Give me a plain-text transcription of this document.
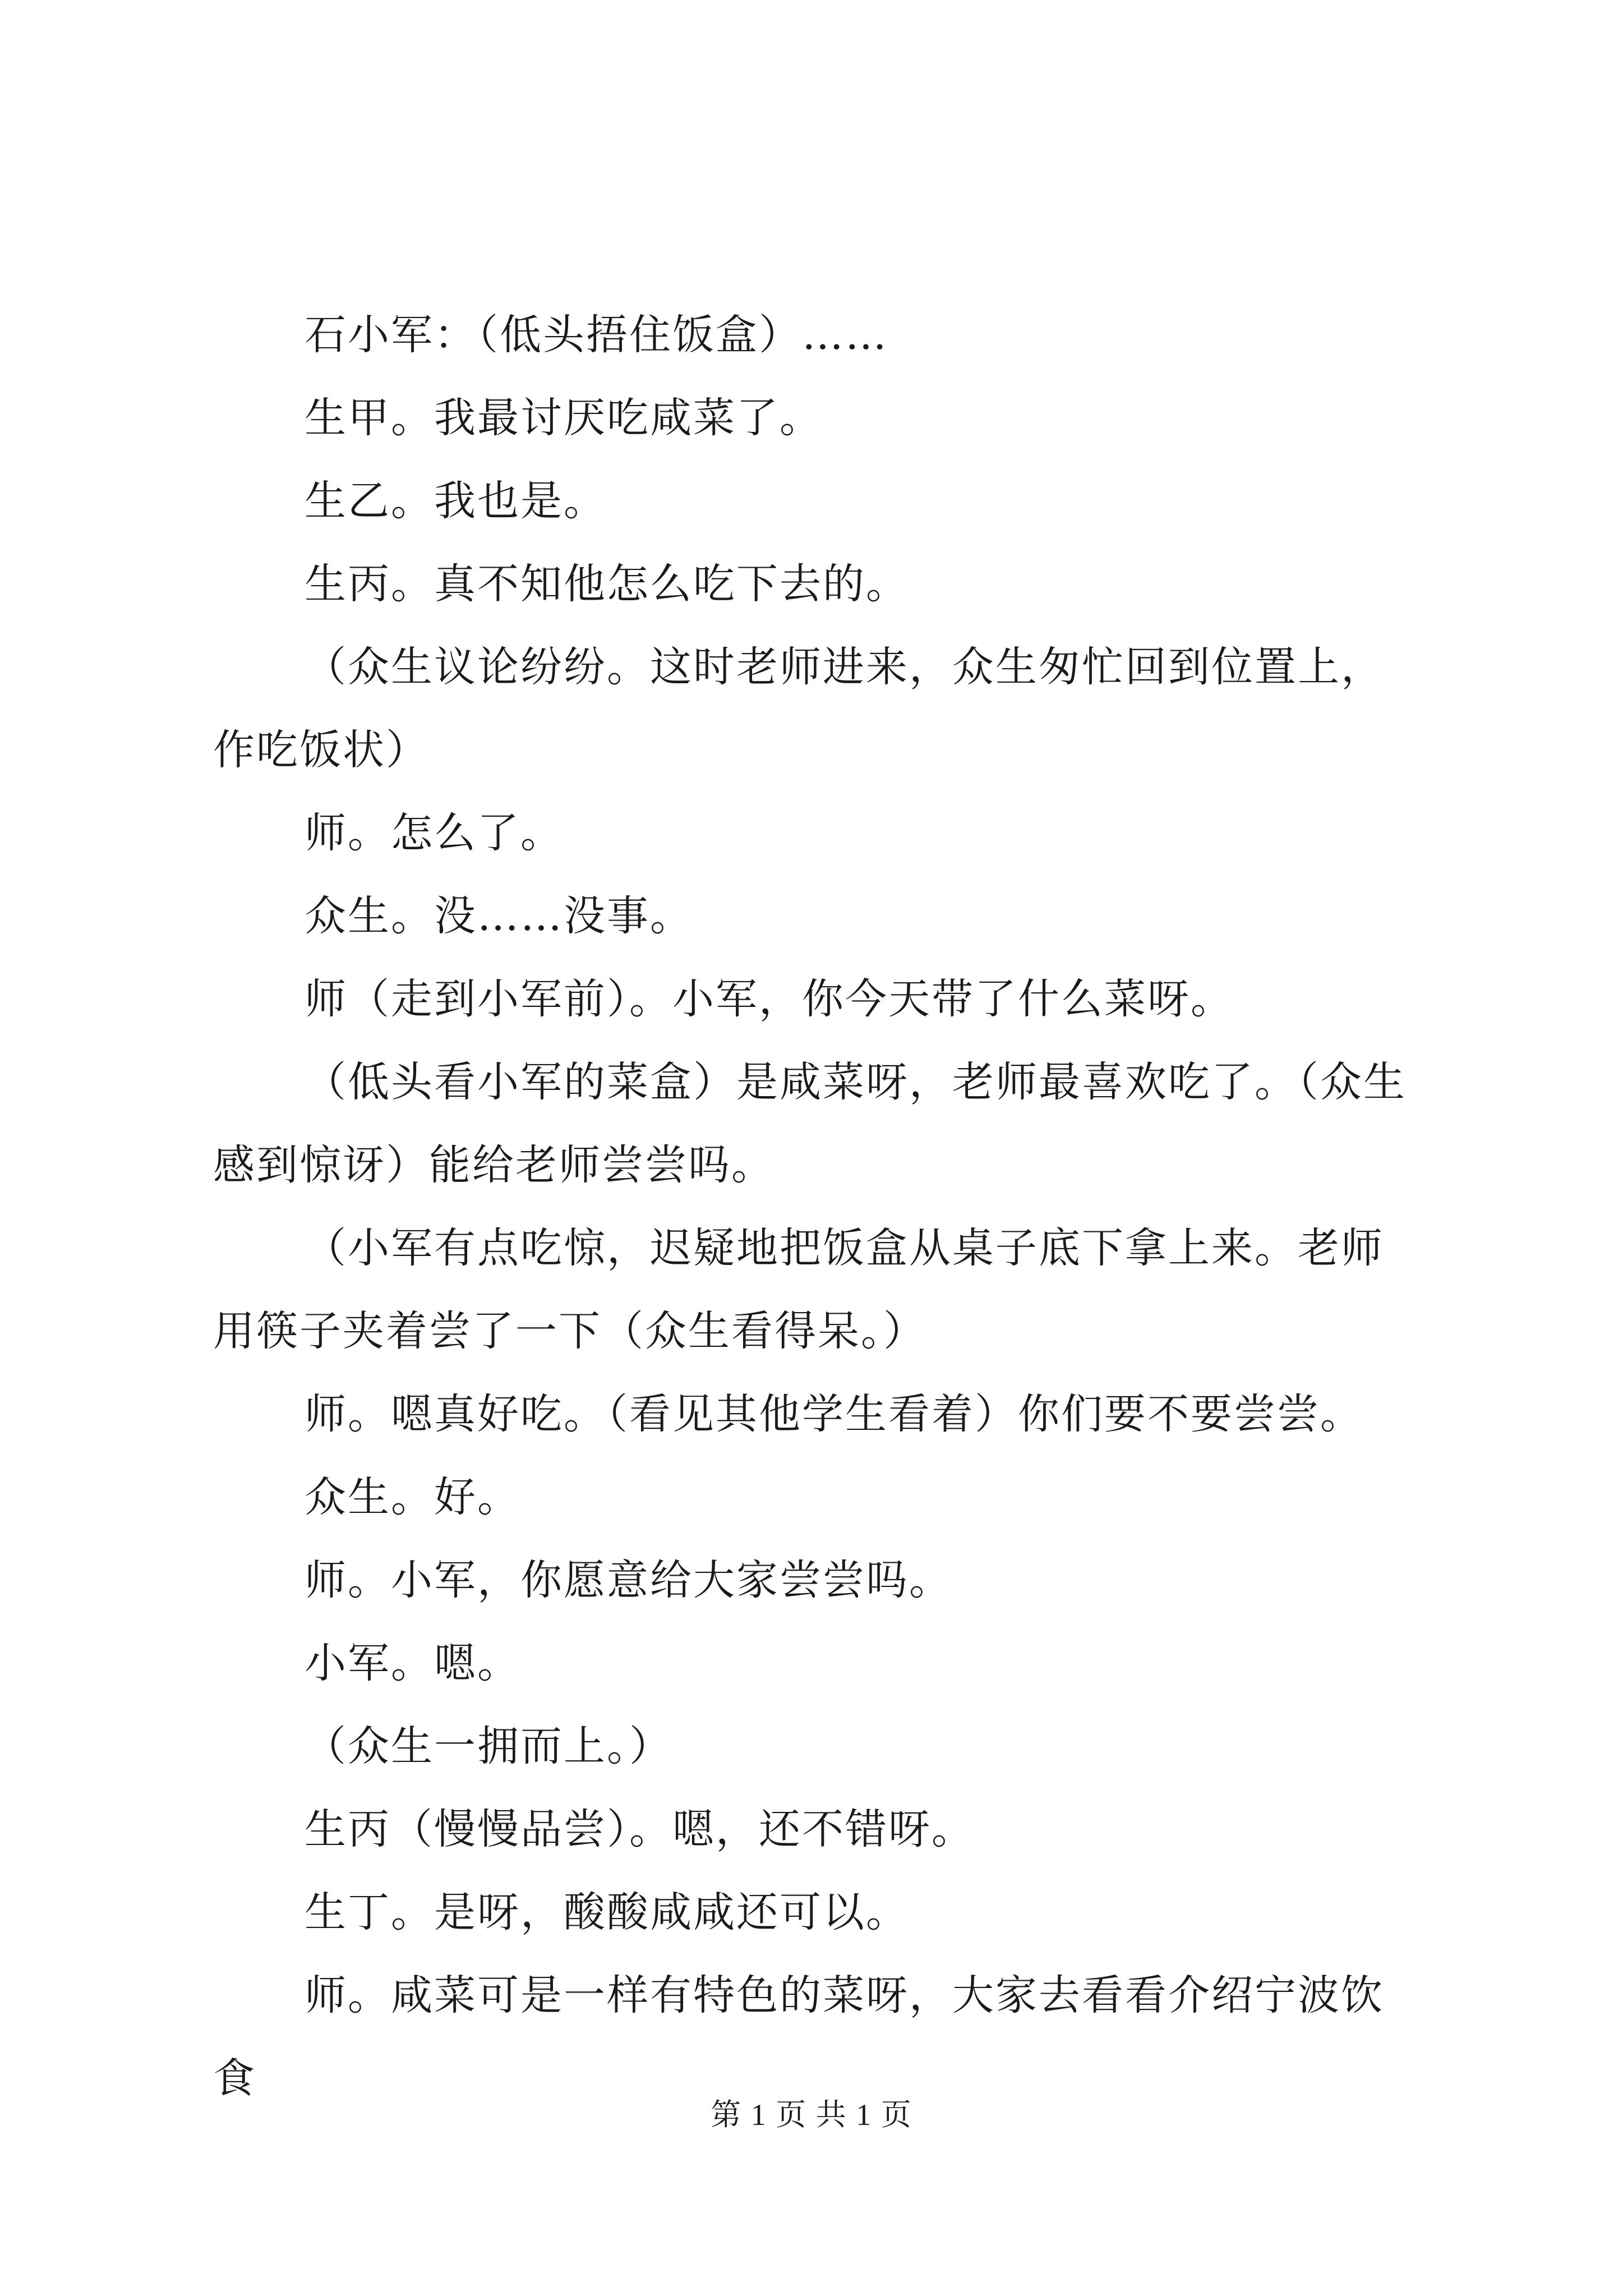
石小军：（低头捂住饭盒）……

生甲。我最讨厌吃咸菜了。

生乙。我也是。

生丙。真不知他怎么吃下去的。

（众生议论纷纷。这时老师进来，众生匆忙回到位置上，作吃饭状）

师。怎么了。

众生。没……没事。

师（走到小军前）。小军，你今天带了什么菜呀。

（低头看小军的菜盒）是咸菜呀，老师最喜欢吃了。（众生感到惊讶）能给老师尝尝吗。

（小军有点吃惊，迟疑地把饭盒从桌子底下拿上来。老师用筷子夹着尝了一下（众生看得呆。）

师。嗯真好吃。（看见其他学生看着）你们要不要尝尝。

众生。好。

师。小军，你愿意给大家尝尝吗。

小军。嗯。

（众生一拥而上。）

生丙（慢慢品尝）。嗯，还不错呀。

生丁。是呀，酸酸咸咸还可以。

师。咸菜可是一样有特色的菜呀，大家去看看介绍宁波饮食

第 1 页 共 1 页
